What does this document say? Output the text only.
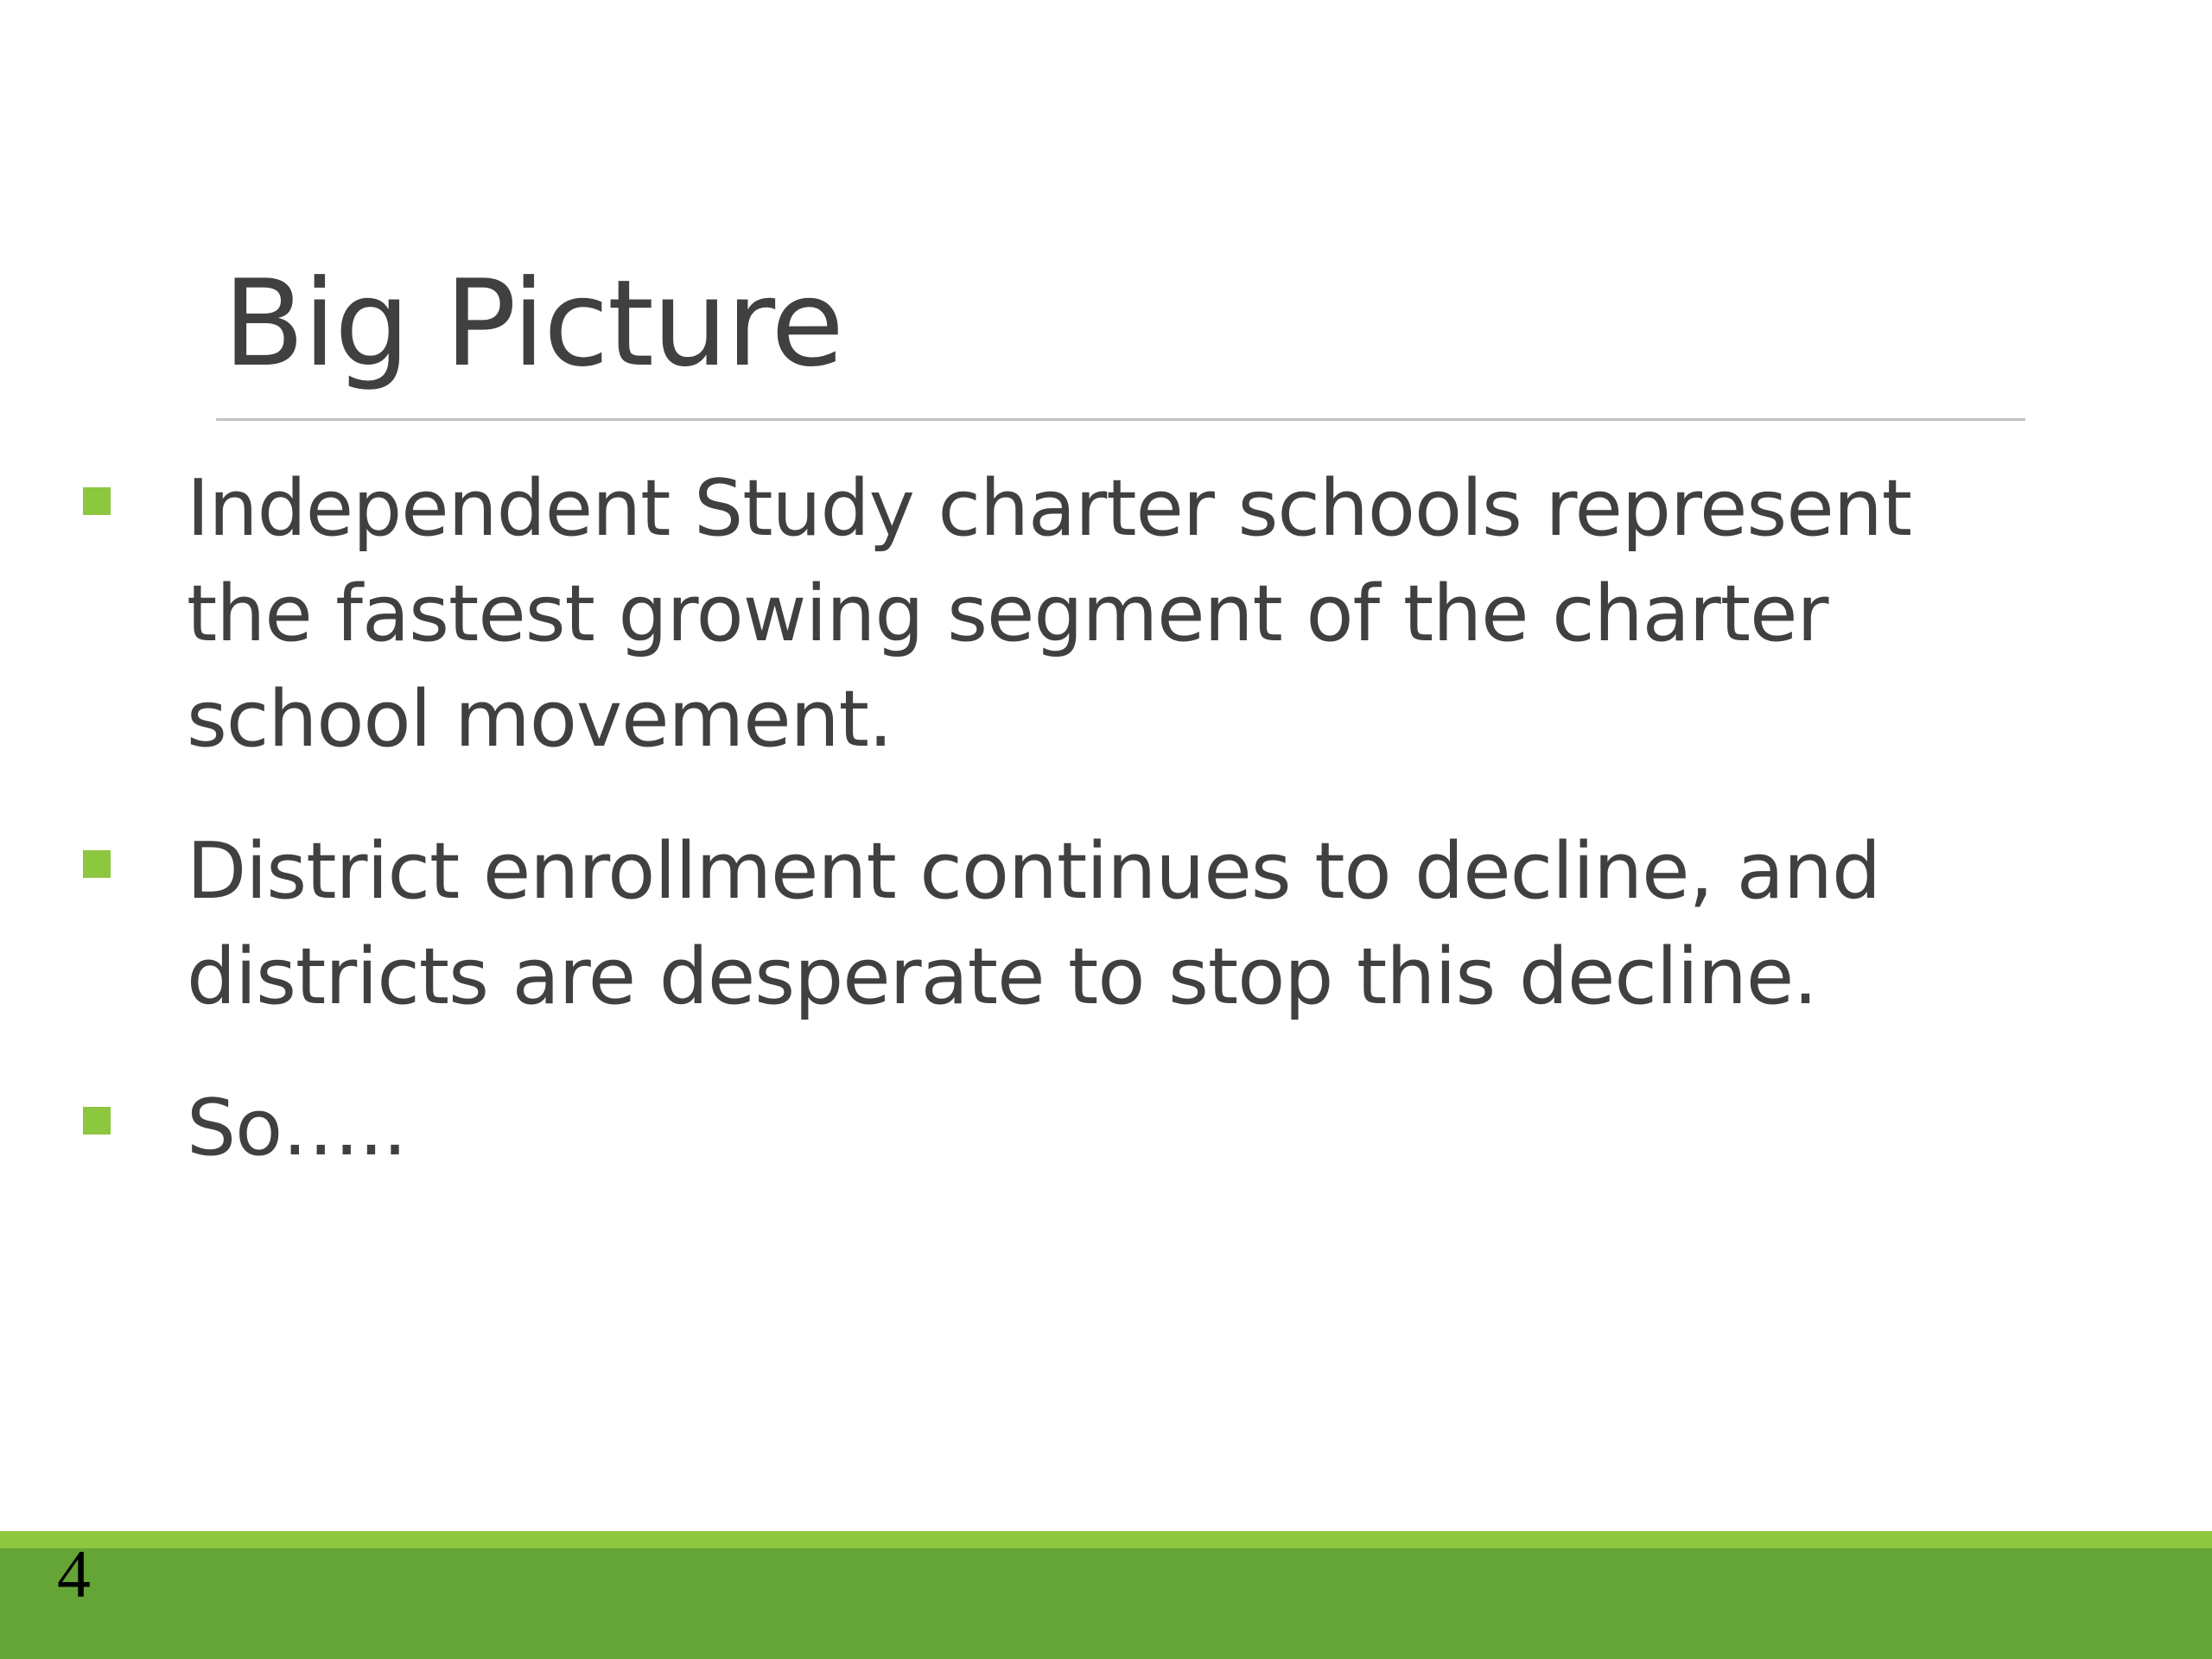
Big Picture
Independent Study charter schools represent
the fastest growing segment of the charter
school movement.
District enrollment continues to decline, and
districts are desperate to stop this decline.
So…..
4
